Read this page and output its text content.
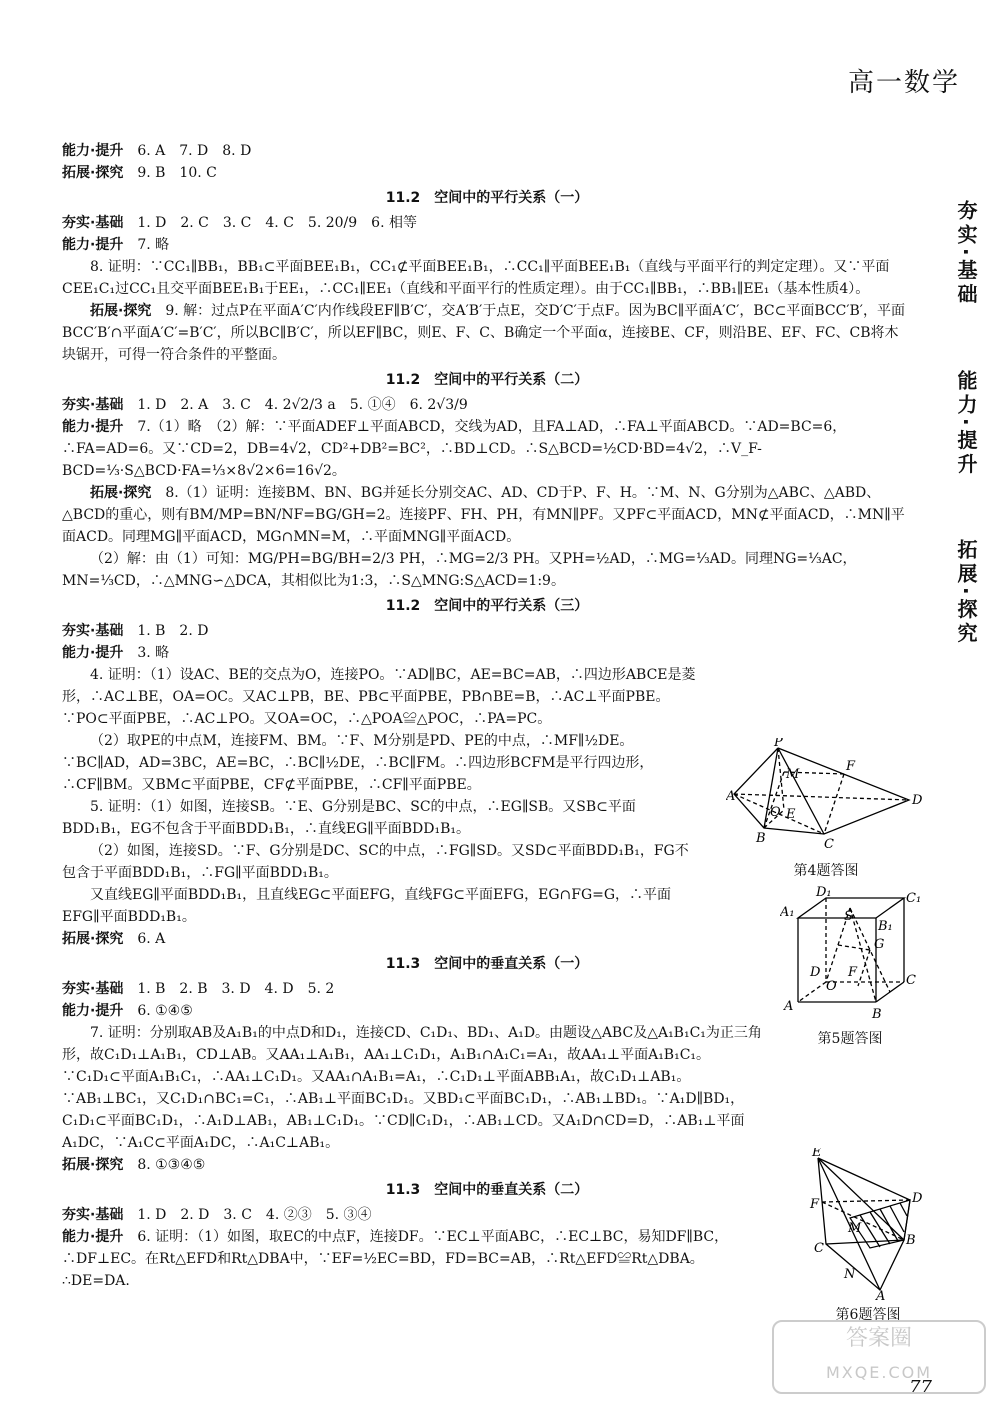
高一数学
夯实·基础
能力·提升
拓展·探究

能力·提升 6. A　7. D　8. D

拓展·探究 9. B　10. C

11.2　空间中的平行关系（一）

夯实·基础 1. D　2. C　3. C　4. C　5. 20/9　6. 相等

能力·提升 7. 略

8. 证明：∵CC₁∥BB₁，BB₁⊂平面BEE₁B₁，CC₁⊄平面BEE₁B₁，∴CC₁∥平面BEE₁B₁（直线与平面平行的判定定理）。又∵平面CEE₁C₁过CC₁且交平面BEE₁B₁于EE₁，∴CC₁∥EE₁（直线和平面平行的性质定理）。由于CC₁∥BB₁，∴BB₁∥EE₁（基本性质4）。

拓展·探究 9. 解：过点P在平面A′C′内作线段EF∥B′C′，交A′B′于点E，交D′C′于点F。因为BC∥平面A′C′，BC⊂平面BCC′B′，平面BCC′B′∩平面A′C′=B′C′，所以BC∥B′C′，所以EF∥BC，则E、F、C、B确定一个平面α，连接BE、CF，则沿BE、EF、FC、CB将木块锯开，可得一符合条件的平整面。

11.2　空间中的平行关系（二）

夯实·基础 1. D　2. A　3. C　4. 2√2/3 a　5. ①④　6. 2√3/9

能力·提升 7.（1）略　（2）解：∵平面ADEF⊥平面ABCD，交线为AD，且FA⊥AD，∴FA⊥平面ABCD。∵AD=BC=6，∴FA=AD=6。又∵CD=2，DB=4√2，CD²+DB²=BC²，∴BD⊥CD。∴S△BCD=½CD·BD=4√2，∴V_F-BCD=⅓·S△BCD·FA=⅓×8√2×6=16√2。

拓展·探究 8.（1）证明：连接BM、BN、BG并延长分别交AC、AD、CD于P、F、H。∵M、N、G分别为△ABC、△ABD、△BCD的重心，则有BM/MP=BN/NF=BG/GH=2。连接PF、FH、PH，有MN∥PF。又PF⊂平面ACD，MN⊄平面ACD，∴MN∥平面ACD。同理MG∥平面ACD，MG∩MN=M，∴平面MNG∥平面ACD。

（2）解：由（1）可知：MG/PH=BG/BH=2/3 PH，∴MG=2/3 PH。又PH=½AD，∴MG=⅓AD。同理NG=⅓AC，MN=⅓CD，∴△MNG∽△DCA，其相似比为1:3，∴S△MNG:S△ACD=1:9。

11.2　空间中的平行关系（三）

夯实·基础 1. B　2. D

能力·提升 3. 略

4. 证明：（1）设AC、BE的交点为O，连接PO。∵AD∥BC，AE=BC=AB，∴四边形ABCE是菱形，∴AC⊥BE，OA=OC。又AC⊥PB，BE、PB⊂平面PBE，PB∩BE=B，∴AC⊥平面PBE。∵PO⊂平面PBE，∴AC⊥PO。又OA=OC，∴△POA≌△POC，∴PA=PC。

（2）取PE的中点M，连接FM、BM。∵F、M分别是PD、PE的中点，∴MF∥½DE。∵BC∥AD，AD=3BC，AE=BC，∴BC∥½DE，∴BC∥FM。∴四边形BCFM是平行四边形，∴CF∥BM。又BM⊂平面PBE，CF⊄平面PBE，∴CF∥平面PBE。

5. 证明：（1）如图，连接SB。∵E、G分别是BC、SC的中点，∴EG∥SB。又SB⊂平面BDD₁B₁，EG不包含于平面BDD₁B₁，∴直线EG∥平面BDD₁B₁。

（2）如图，连接SD。∵F、G分别是DC、SC的中点，∴FG∥SD。又SD⊂平面BDD₁B₁，FG不包含于平面BDD₁B₁，∴FG∥平面BDD₁B₁。

又直线EG∥平面BDD₁B₁，且直线EG⊂平面EFG，直线FG⊂平面EFG，EG∩FG=G，∴平面EFG∥平面BDD₁B₁。

拓展·探究 6. A

11.3　空间中的垂直关系（一）

夯实·基础 1. B　2. B　3. D　4. D　5. 2

能力·提升 6. ①④⑤

7. 证明：分别取AB及A₁B₁的中点D和D₁，连接CD、C₁D₁、BD₁、A₁D。由题设△ABC及△A₁B₁C₁为正三角形，故C₁D₁⊥A₁B₁，CD⊥AB。又AA₁⊥A₁B₁，AA₁⊥C₁D₁，A₁B₁∩A₁C₁=A₁，故AA₁⊥平面A₁B₁C₁。∵C₁D₁⊂平面A₁B₁C₁，∴AA₁⊥C₁D₁。又AA₁∩A₁B₁=A₁，∴C₁D₁⊥平面ABB₁A₁，故C₁D₁⊥AB₁。∵AB₁⊥BC₁，又C₁D₁∩BC₁=C₁，∴AB₁⊥平面BC₁D₁。又BD₁⊂平面BC₁D₁，∴AB₁⊥BD₁。∵A₁D∥BD₁，C₁D₁⊂平面BC₁D₁，∴A₁D⊥AB₁，AB₁⊥C₁D₁。∵CD∥C₁D₁，∴AB₁⊥CD。又A₁D∩CD=D，∴AB₁⊥平面A₁DC，∵A₁C⊂平面A₁DC，∴A₁C⊥AB₁。

拓展·探究 8. ①③④⑤

11.3　空间中的垂直关系（二）

夯实·基础 1. D　2. D　3. C　4. ②③　5. ③④

能力·提升 6. 证明：（1）如图，取EC的中点F，连接DF。∵EC⊥平面ABC，∴EC⊥BC，易知DF∥BC，∴DF⊥EC。在Rt△EFD和Rt△DBA中，∵EF=½EC=BD，FD=BC=AB，∴Rt△EFD≌Rt△DBA。

∴DE=DA.

P
A
B	C
D
E
F
M
O
第4题答图
D₁	C₁
A₁
B₁
S
D
C
A
B
F
G
O
第5题答图
E
D
F
M
B
C
N
A
第6题答图
77
答案圈
MXQE.COM
